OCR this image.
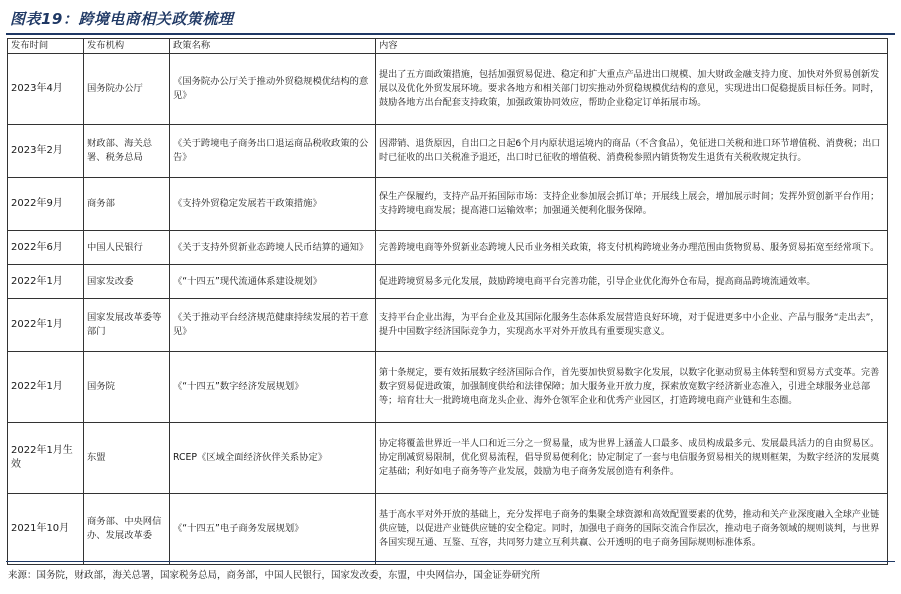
图表19：跨境电商相关政策梳理
发布时间	发布机构	政策名称	内容
2023年4月	国务院办公厅	《国务院办公厅关于推动外贸稳规模优结构的意见》	提出了五方面政策措施，包括加强贸易促进、稳定和扩大重点产品进出口规模、加大财政金融支持力度、加快对外贸易创新发展以及优化外贸发展环境。要求各地方和相关部门切实推动外贸稳规模优结构的意见，实现进出口促稳提质目标任务。同时，鼓励各地方出台配套支持政策，加强政策协同效应，帮助企业稳定订单拓展市场。
2023年2月	财政部、海关总署、税务总局	《关于跨境电子商务出口退运商品税收政策的公告》	因滞销、退货原因，自出口之日起6个月内原状退运境内的商品（不含食品），免征进口关税和进口环节增值税、消费税；出口时已征收的出口关税准予退还，出口时已征收的增值税、消费税参照内销货物发生退货有关税收规定执行。
2022年9月	商务部	《支持外贸稳定发展若干政策措施》	保生产保履约，支持产品开拓国际市场：支持企业参加展会抓订单；开展线上展会，增加展示时间；发挥外贸创新平台作用；支持跨境电商发展；提高港口运输效率；加强通关便利化服务保障。
2022年6月	中国人民银行	《关于支持外贸新业态跨境人民币结算的通知》	完善跨境电商等外贸新业态跨境人民币业务相关政策，将支付机构跨境业务办理范围由货物贸易、服务贸易拓宽至经常项下。
2022年1月	国家发改委	《“十四五”现代流通体系建设规划》	促进跨境贸易多元化发展，鼓励跨境电商平台完善功能，引导企业优化海外仓布局，提高商品跨境流通效率。
2022年1月	国家发展改革委等部门	《关于推动平台经济规范健康持续发展的若干意见》	支持平台企业出海，为平台企业及其国际化服务生态体系发展营造良好环境，对于促进更多中小企业、产品与服务“走出去”，提升中国数字经济国际竞争力，实现高水平对外开放具有重要现实意义。
2022年1月	国务院	《“十四五”数字经济发展规划》	第十条规定，要有效拓展数字经济国际合作，首先要加快贸易数字化发展，以数字化驱动贸易主体转型和贸易方式变革。完善数字贸易促进政策，加强制度供给和法律保障；加大服务业开放力度，探索放宽数字经济新业态准入，引进全球服务业总部等；培育壮大一批跨境电商龙头企业、海外仓领军企业和优秀产业园区，打造跨境电商产业链和生态圈。
2022年1月生效	东盟	RCEP《区域全面经济伙伴关系协定》	协定将覆盖世界近一半人口和近三分之一贸易量，成为世界上涵盖人口最多、成员构成最多元、发展最具活力的自由贸易区。协定削减贸易限制，优化贸易流程，倡导贸易便利化；协定制定了一套与电信服务贸易相关的规则框架，为数字经济的发展奠定基础；利好如电子商务等产业发展，鼓励为电子商务发展创造有利条件。
2021年10月	商务部、中央网信办、发展改革委	《“十四五”电子商务发展规划》	基于高水平对外开放的基础上，充分发挥电子商务的集聚全球资源和高效配置要素的优势，推动和关产业深度融入全球产业链供应链，以促进产业链供应链的安全稳定。同时，加强电子商务的国际交流合作层次，推动电子商务领域的规则谈判，与世界各国实现互通、互鉴、互容，共同努力建立互利共赢、公开透明的电子商务国际规则标准体系。
来源：国务院，财政部，海关总署，国家税务总局，商务部，中国人民银行，国家发改委，东盟，中央网信办，国金证券研究所
